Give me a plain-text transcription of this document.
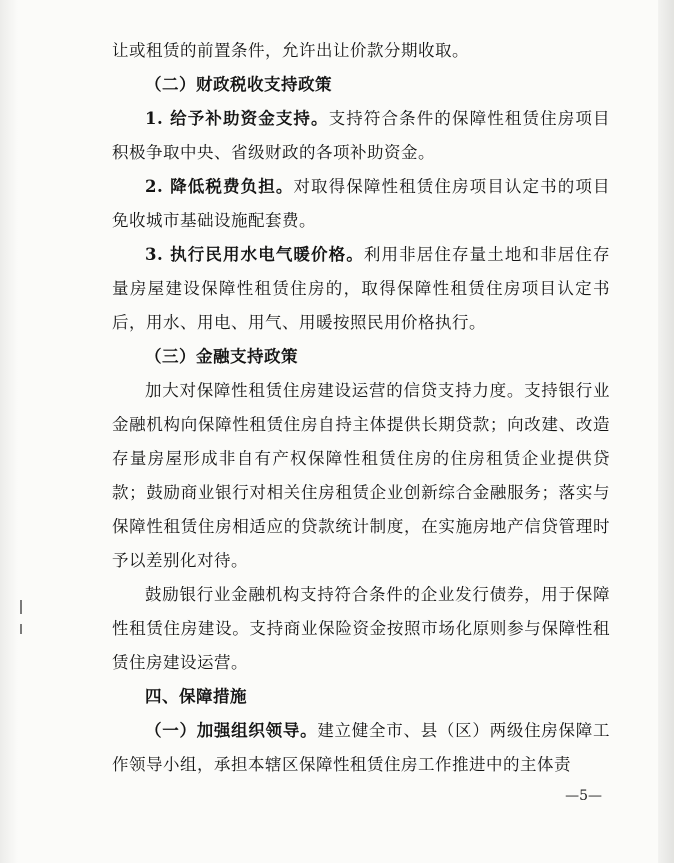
让或租赁的前置条件，允许出让价款分期收取。

（二）财政税收支持政策

1. 给予补助资金支持。支持符合条件的保障性租赁住房项目积极争取中央、省级财政的各项补助资金。

2. 降低税费负担。对取得保障性租赁住房项目认定书的项目免收城市基础设施配套费。

3. 执行民用水电气暖价格。利用非居住存量土地和非居住存量房屋建设保障性租赁住房的，取得保障性租赁住房项目认定书后，用水、用电、用气、用暖按照民用价格执行。

（三）金融支持政策

加大对保障性租赁住房建设运营的信贷支持力度。支持银行业金融机构向保障性租赁住房自持主体提供长期贷款；向改建、改造存量房屋形成非自有产权保障性租赁住房的住房租赁企业提供贷款；鼓励商业银行对相关住房租赁企业创新综合金融服务；落实与保障性租赁住房相适应的贷款统计制度，在实施房地产信贷管理时予以差别化对待。

鼓励银行业金融机构支持符合条件的企业发行债券，用于保障性租赁住房建设。支持商业保险资金按照市场化原则参与保障性租赁住房建设运营。

四、保障措施

（一）加强组织领导。建立健全市、县（区）两级住房保障工作领导小组，承担本辖区保障性租赁住房工作推进中的主体责

—5—
